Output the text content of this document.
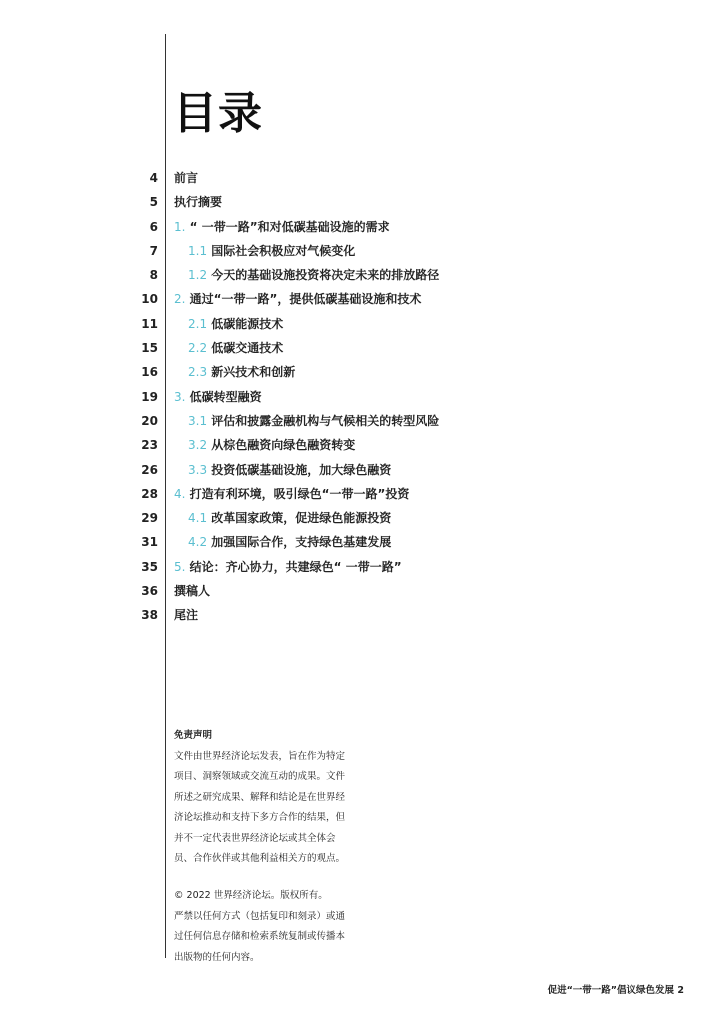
目录
4 前言
5 执行摘要
6 1. “ 一带一路”和对低碳基础设施的需求
7	1.1 国际社会积极应对气候变化
8	1.2 今天的基础设施投资将决定未来的排放路径
10 2. 通过“一带一路”，提供低碳基础设施和技术
11	2.1 低碳能源技术
15	2.2 低碳交通技术
16	2.3 新兴技术和创新
19 3. 低碳转型融资
20	3.1 评估和披露金融机构与气候相关的转型风险
23	3.2 从棕色融资向绿色融资转变
26	3.3 投资低碳基础设施，加大绿色融资
28 4. 打造有利环境，吸引绿色“一带一路”投资
29	4.1 改革国家政策，促进绿色能源投资
31	4.2 加强国际合作，支持绿色基建发展
35 5. 结论：齐心协力，共建绿色“ 一带一路”
36 撰稿人
38 尾注
免责声明
文件由世界经济论坛发表，旨在作为特定
项目、洞察领域或交流互动的成果。文件
所述之研究成果、解释和结论是在世界经
济论坛推动和支持下多方合作的结果，但
并不一定代表世界经济论坛或其全体会
员、合作伙伴或其他利益相关方的观点。
© 2022 世界经济论坛。版权所有。
严禁以任何方式（包括复印和刻录）或通
过任何信息存储和检索系统复制或传播本
出版物的任何内容。
促进“一带一路”倡议绿色发展 2
